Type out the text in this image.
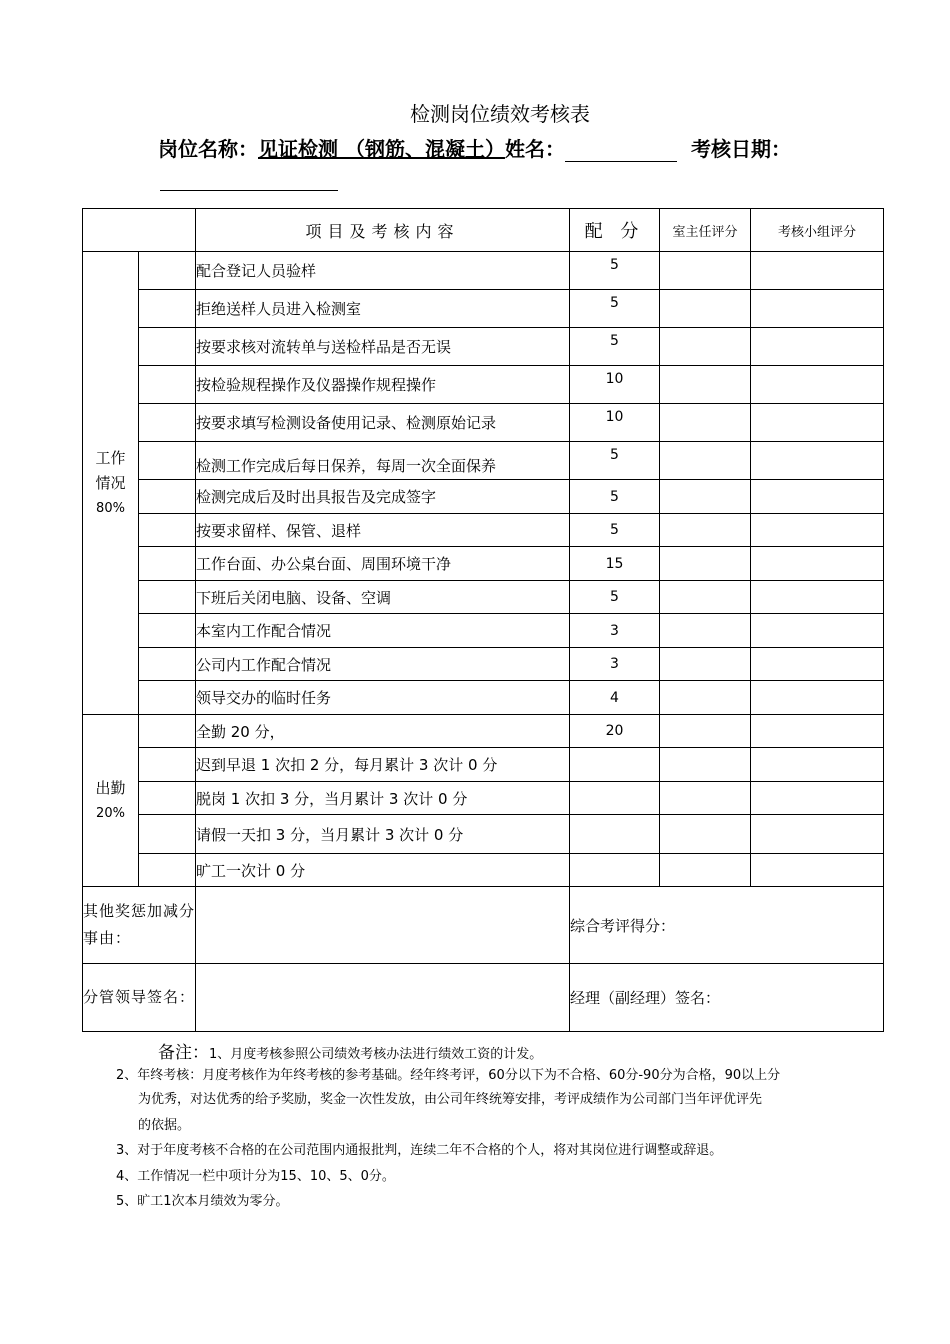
检测岗位绩效考核表
岗位名称：见证检测 （钢筋、混凝土）姓名：	考核日期：
		项目及考核内容	配 分	室主任评分	考核小组评分

工作
情况
80%		配合登记人员验样	5		
		拒绝送样人员进入检测室	5		
		按要求核对流转单与送检样品是否无误	5		
		按检验规程操作及仪器操作规程操作	10		
		按要求填写检测设备使用记录、检测原始记录	10		
		检测工作完成后每日保养，每周一次全面保养	5		
		检测完成后及时出具报告及完成签字	5		
		按要求留样、保管、退样	5		
		工作台面、办公桌台面、周围环境干净	15		
		下班后关闭电脑、设备、空调	5		
		本室内工作配合情况	3		
		公司内工作配合情况	3		
		领导交办的临时任务	4		

出勤
20%		全勤 20 分，	20		
		迟到早退 1 次扣 2 分，每月累计 3 次计 0 分			
		脱岗 1 次扣 3 分，当月累计 3 次计 0 分			
		请假一天扣 3 分，当月累计 3 次计 0 分			
		旷工一次计 0 分			
其他奖惩加减分事由：			综合考评得分：		
分管领导签名：			经理（副经理）签名：		
备注：1、月度考核参照公司绩效考核办法进行绩效工资的计发。
2、年终考核：月度考核作为年终考核的参考基础。经年终考评，60分以下为不合格、60分-90分为合格，90以上分
为优秀，对达优秀的给予奖励，奖金一次性发放，由公司年终统筹安排，考评成绩作为公司部门当年评优评先
的依据。
3、对于年度考核不合格的在公司范围内通报批判，连续二年不合格的个人，将对其岗位进行调整或辞退。
4、工作情况一栏中项计分为15、10、5、0分。
5、旷工1次本月绩效为零分。
